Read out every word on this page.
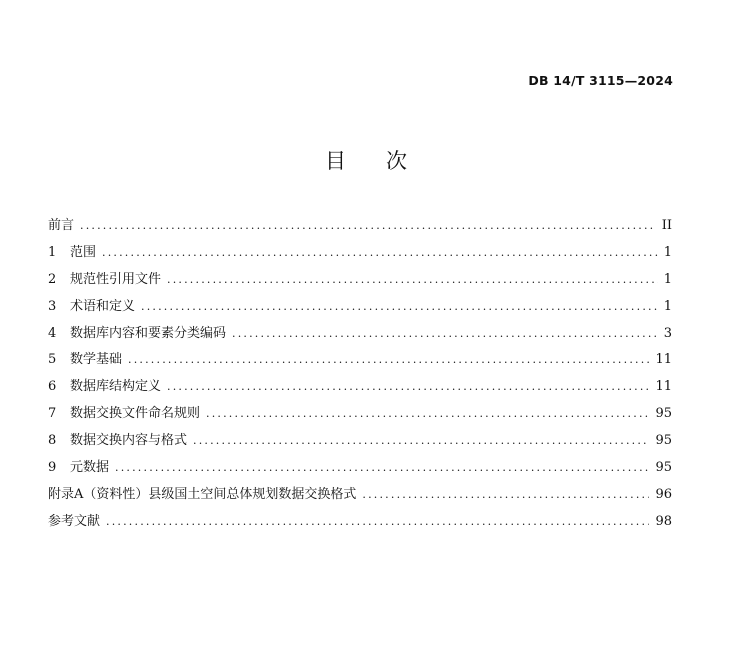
DB 14/T 3115—2024
目次
前言 .....	II
1	范围 .....	1
2	规范性引用文件 .....	1
3	术语和定义 .....	1
4	数据库内容和要素分类编码 .....	3
5	数学基础 .....	11
6	数据库结构定义 .....	11
7	数据交换文件命名规则 .....	95
8	数据交换内容与格式 .....	95
9	元数据 .....	95
附录A（资料性）县级国土空间总体规划数据交换格式 .....	96
参考文献 .....	98
